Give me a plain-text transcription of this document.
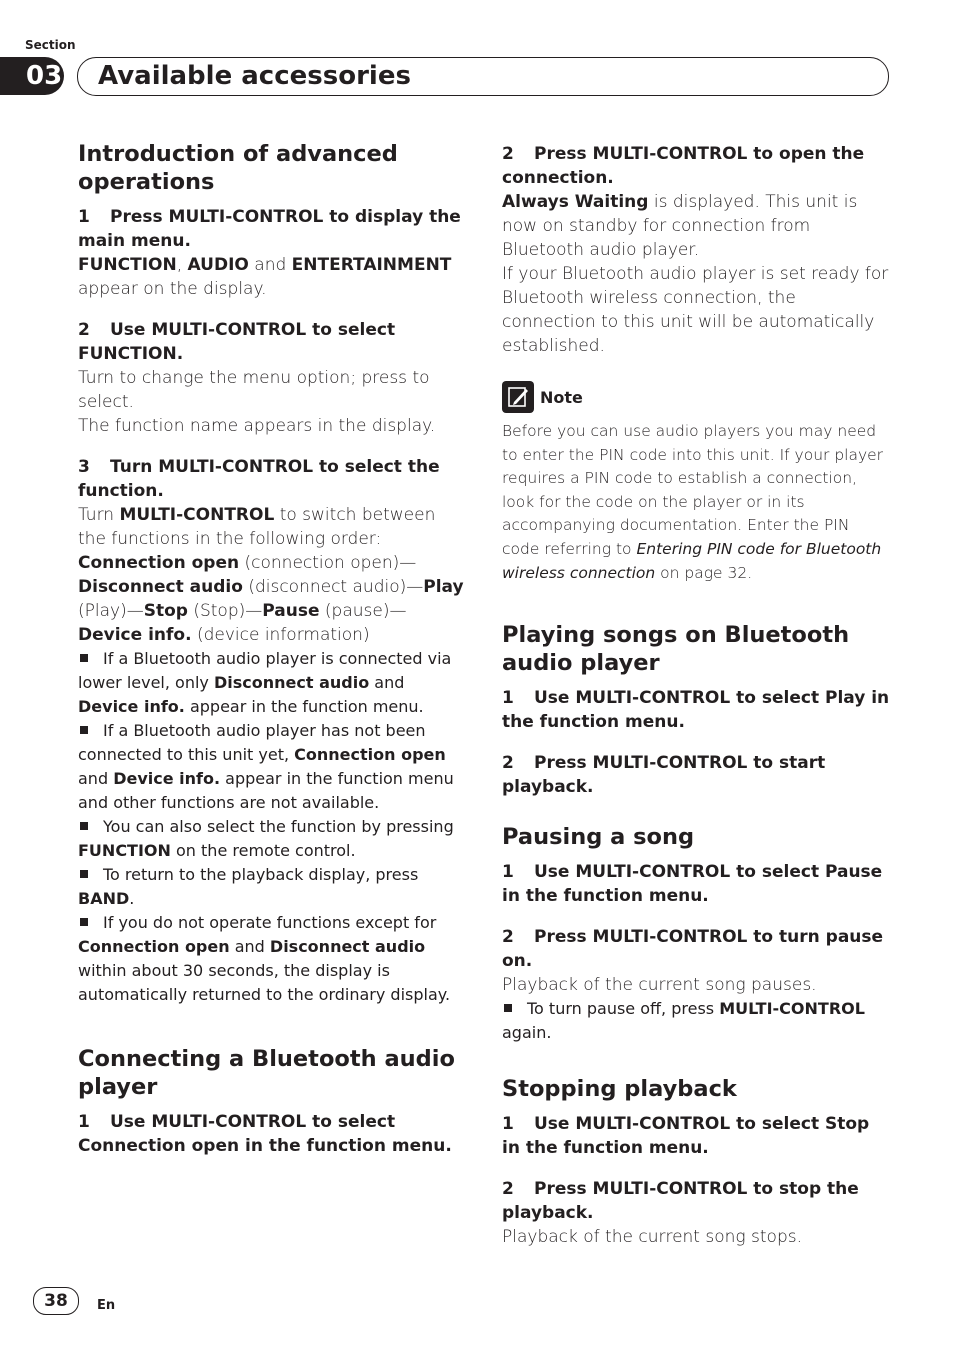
Section
03 Available accessories
Introduction of advanced operations
1 Press MULTI-CONTROL to display the main menu.

FUNCTION, AUDIO and ENTERTAINMENT appear on the display.

2 Use MULTI-CONTROL to select FUNCTION.

Turn to change the menu option; press to select.

The function name appears in the display.

3 Turn MULTI-CONTROL to select the function.

Turn MULTI-CONTROL to switch between the functions in the following order:
Connection open (connection open)—
Disconnect audio (disconnect audio)—Play
(Play)—Stop (Stop)—Pause (pause)—
Device info. (device information)

If a Bluetooth audio player is connected via lower level, only Disconnect audio and Device info. appear in the function menu.
If a Bluetooth audio player has not been connected to this unit yet, Connection open and Device info. appear in the function menu and other functions are not available.
You can also select the function by pressing FUNCTION on the remote control.
To return to the playback display, press BAND.
If you do not operate functions except for Connection open and Disconnect audio within about 30 seconds, the display is automatically returned to the ordinary display.
Connecting a Bluetooth audio player
1 Use MULTI-CONTROL to select Connection open in the function menu.
2 Press MULTI-CONTROL to open the connection.

Always Waiting is displayed. This unit is now on standby for connection from Bluetooth audio player.

If your Bluetooth audio player is set ready for Bluetooth wireless connection, the connection to this unit will be automatically established.

Note

Before you can use audio players you may need to enter the PIN code into this unit. If your player requires a PIN code to establish a connection, look for the code on the player or in its accompanying documentation. Enter the PIN code referring to Entering PIN code for Bluetooth wireless connection on page 32.

Playing songs on Bluetooth audio player
1 Use MULTI-CONTROL to select Play in the function menu.
2 Press MULTI-CONTROL to start playback.
Pausing a song
1 Use MULTI-CONTROL to select Pause in the function menu.
2 Press MULTI-CONTROL to turn pause on.

Playback of the current song pauses.

To turn pause off, press MULTI-CONTROL again.
Stopping playback
1 Use MULTI-CONTROL to select Stop in the function menu.
2 Press MULTI-CONTROL to stop the playback.

Playback of the current song stops.

38	En
